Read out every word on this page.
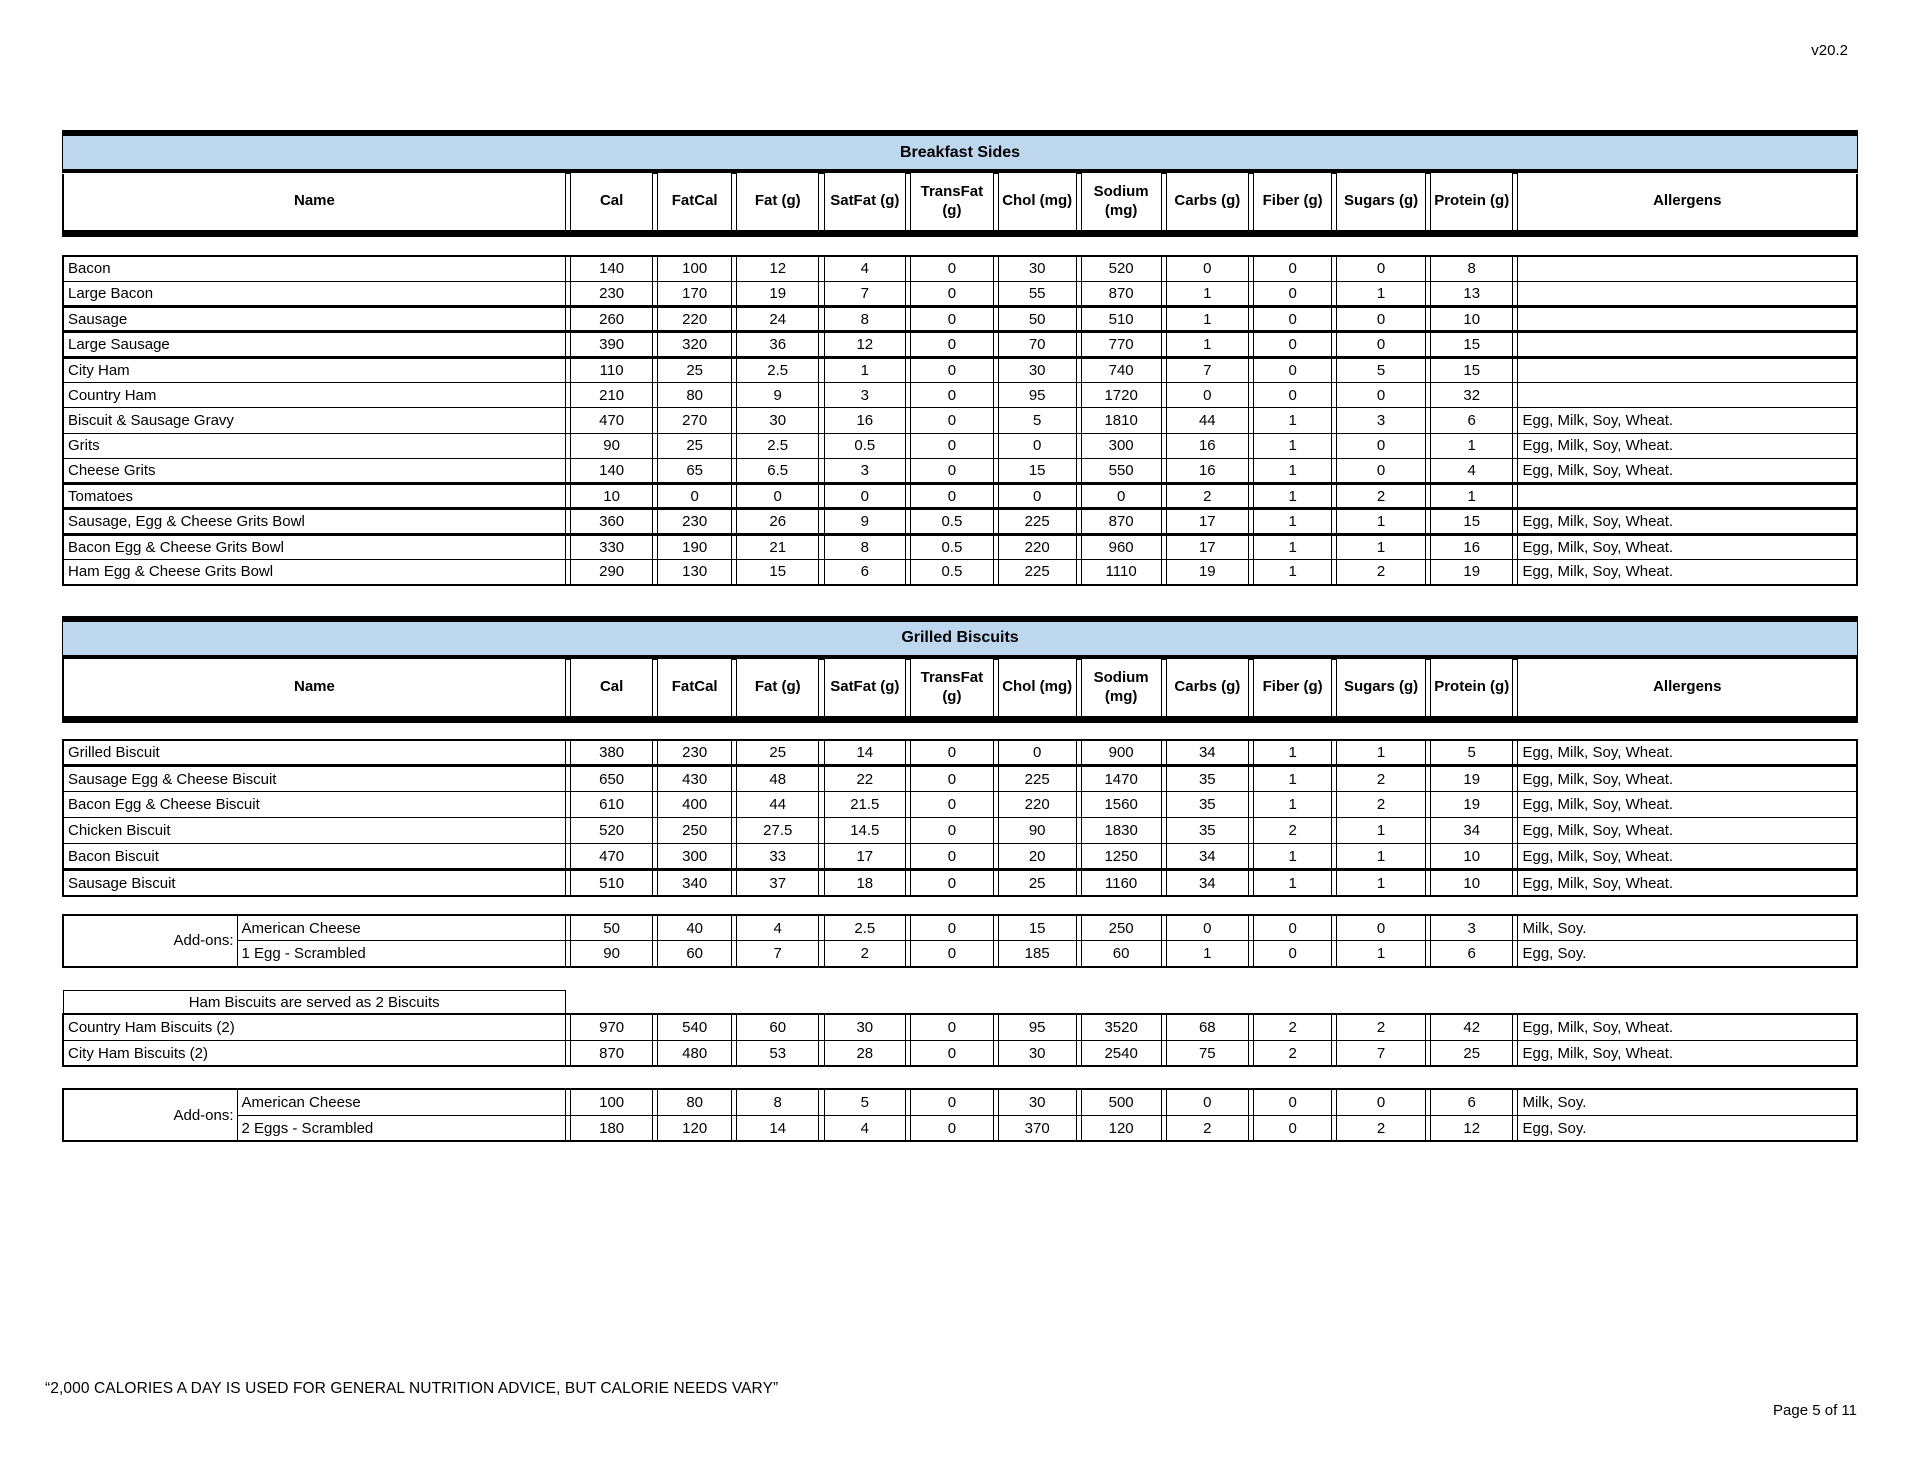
v20.2
Breakfast Sides
Name		Cal		FatCal		Fat (g)		SatFat (g)		TransFat (g)		Chol (mg)		Sodium (mg)		Carbs (g)		Fiber (g)		Sugars (g)		Protein (g)		Allergens
Bacon		140		100		12		4		0		30		520		0		0		0		8		
Large Bacon		230		170		19		7		0		55		870		1		0		1		13		
Sausage		260		220		24		8		0		50		510		1		0		0		10		
Large Sausage		390		320		36		12		0		70		770		1		0		0		15		
City Ham		110		25		2.5		1		0		30		740		7		0		5		15		
Country Ham		210		80		9		3		0		95		1720		0		0		0		32		
Biscuit & Sausage Gravy		470		270		30		16		0		5		1810		44		1		3		6		Egg, Milk, Soy, Wheat.
Grits		90		25		2.5		0.5		0		0		300		16		1		0		1		Egg, Milk, Soy, Wheat.
Cheese Grits		140		65		6.5		3		0		15		550		16		1		0		4		Egg, Milk, Soy, Wheat.
Tomatoes		10		0		0		0		0		0		0		2		1		2		1		
Sausage, Egg & Cheese Grits Bowl		360		230		26		9		0.5		225		870		17		1		1		15		Egg, Milk, Soy, Wheat.
Bacon Egg & Cheese Grits Bowl		330		190		21		8		0.5		220		960		17		1		1		16		Egg, Milk, Soy, Wheat.
Ham Egg & Cheese Grits Bowl		290		130		15		6		0.5		225		1110		19		1		2		19		Egg, Milk, Soy, Wheat.
Grilled Biscuits
Name		Cal		FatCal		Fat (g)		SatFat (g)		TransFat (g)		Chol (mg)		Sodium (mg)		Carbs (g)		Fiber (g)		Sugars (g)		Protein (g)		Allergens
Grilled Biscuit		380		230		25		14		0		0		900		34		1		1		5		Egg, Milk, Soy, Wheat.
Sausage Egg & Cheese Biscuit		650		430		48		22		0		225		1470		35		1		2		19		Egg, Milk, Soy, Wheat.
Bacon Egg & Cheese Biscuit		610		400		44		21.5		0		220		1560		35		1		2		19		Egg, Milk, Soy, Wheat.
Chicken Biscuit		520		250		27.5		14.5		0		90		1830		35		2		1		34		Egg, Milk, Soy, Wheat.
Bacon Biscuit		470		300		33		17		0		20		1250		34		1		1		10		Egg, Milk, Soy, Wheat.
Sausage Biscuit		510		340		37		18		0		25		1160		34		1		1		10		Egg, Milk, Soy, Wheat.
Add-ons:	American Cheese		50		40		4		2.5		0		15		250		0		0		0		3		Milk, Soy.
	1 Egg - Scrambled		90		60		7		2		0		185		60		1		0		1		6		Egg, Soy.
Ham Biscuits are served as 2 Biscuits																								
Country Ham Biscuits (2)		970		540		60		30		0		95		3520		68		2		2		42		Egg, Milk, Soy, Wheat.
City Ham Biscuits (2)		870		480		53		28		0		30		2540		75		2		7		25		Egg, Milk, Soy, Wheat.
Add-ons:	American Cheese		100		80		8		5		0		30		500		0		0		0		6		Milk, Soy.
	2 Eggs - Scrambled		180		120		14		4		0		370		120		2		0		2		12		Egg, Soy.
“2,000 CALORIES A DAY IS USED FOR GENERAL NUTRITION ADVICE, BUT CALORIE NEEDS VARY”
Page 5 of 11
